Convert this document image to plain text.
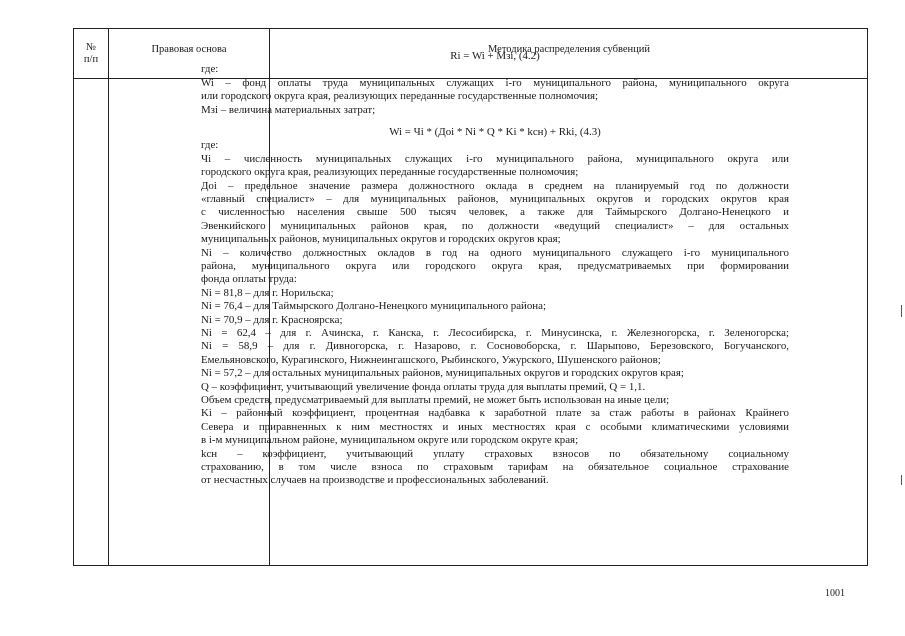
№
п/п
Правовая основа	Методика распределения субвенций
Ri = Wi + Mзi, (4.2)
где:
Wi – фонд оплаты труда муниципальных служащих i-го муниципального района, муниципального округа
или городского округа края, реализующих переданные государственные полномочия;
Мзi – величина материальных затрат;
Wi = Чi * (Дoi * Ni * Q * Ki * kсн) + Rki, (4.3)
где:
Чi – численность муниципальных служащих i-го муниципального района, муниципального округа или
городского округа края, реализующих переданные государственные полномочия;
Дoi – предельное значение размера должностного оклада в среднем на планируемый год по должности
«главный специалист» – для муниципальных районов, муниципальных округов и городских округов края
с численностью населения свыше 500 тысяч человек, а также для Таймырского Долгано-Ненецкого и
Эвенкийского муниципальных районов края, по должности «ведущий специалист» – для остальных
муниципальных районов, муниципальных округов и городских округов края;
Ni – количество должностных окладов в год на одного муниципального служащего i-го муниципального
района, муниципального округа или городского округа края, предусматриваемых при формировании
фонда оплаты труда:
Ni = 81,8 – для г. Норильска;
Ni = 76,4 – для Таймырского Долгано-Ненецкого муниципального района;
Ni = 70,9 – для г. Красноярска;
Ni = 62,4 – для г. Ачинска, г. Канска, г. Лесосибирска, г. Минусинска, г. Железногорска, г. Зеленогорска;
Ni = 58,9 – для г. Дивногорска, г. Назарово, г. Сосновоборска, г. Шарыпово, Березовского, Богучанского,
Емельяновского, Курагинского, Нижнеингашского, Рыбинского, Ужурского, Шушенского районов;
Ni = 57,2 – для остальных муниципальных районов, муниципальных округов и городских округов края;
Q – коэффициент, учитывающий увеличение фонда оплаты труда для выплаты премий, Q = 1,1.
Объем средств, предусматриваемый для выплаты премий, не может быть использован на иные цели;
Ki – районный коэффициент, процентная надбавка к заработной плате за стаж работы в районах Крайнего
Севера и приравненных к ним местностях и иных местностях края с особыми климатическими условиями
в i-м муниципальном районе, муниципальном округе или городском округе края;
kсн – коэффициент, учитывающий уплату страховых взносов по обязательному социальному
страхованию, в том числе взноса по страховым тарифам на обязательное социальное страхование
от несчастных случаев на производстве и профессиональных заболеваний.
1001
